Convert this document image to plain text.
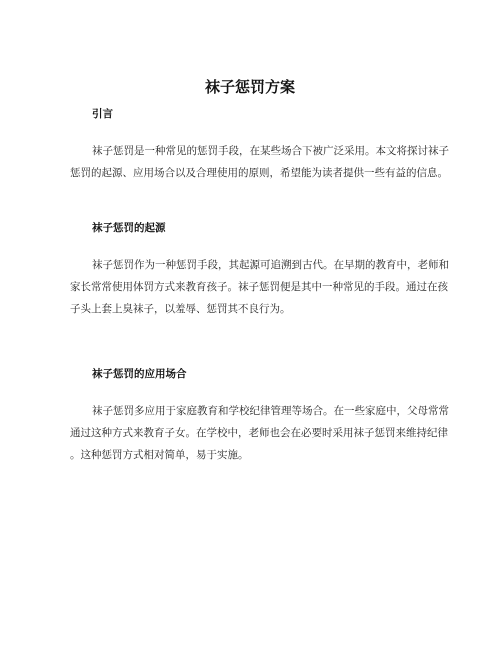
袜子惩罚方案
引言
袜子惩罚是一种常见的惩罚手段，在某些场合下被广泛采用。本文将探讨袜子
惩罚的起源、应用场合以及合理使用的原则，希望能为读者提供一些有益的信息。
袜子惩罚的起源
袜子惩罚作为一种惩罚手段，其起源可追溯到古代。在早期的教育中，老师和
家长常常使用体罚方式来教育孩子。袜子惩罚便是其中一种常见的手段。通过在孩
子头上套上臭袜子，以羞辱、惩罚其不良行为。
袜子惩罚的应用场合
袜子惩罚多应用于家庭教育和学校纪律管理等场合。在一些家庭中，父母常常
通过这种方式来教育子女。在学校中，老师也会在必要时采用袜子惩罚来维持纪律
。这种惩罚方式相对简单，易于实施。
